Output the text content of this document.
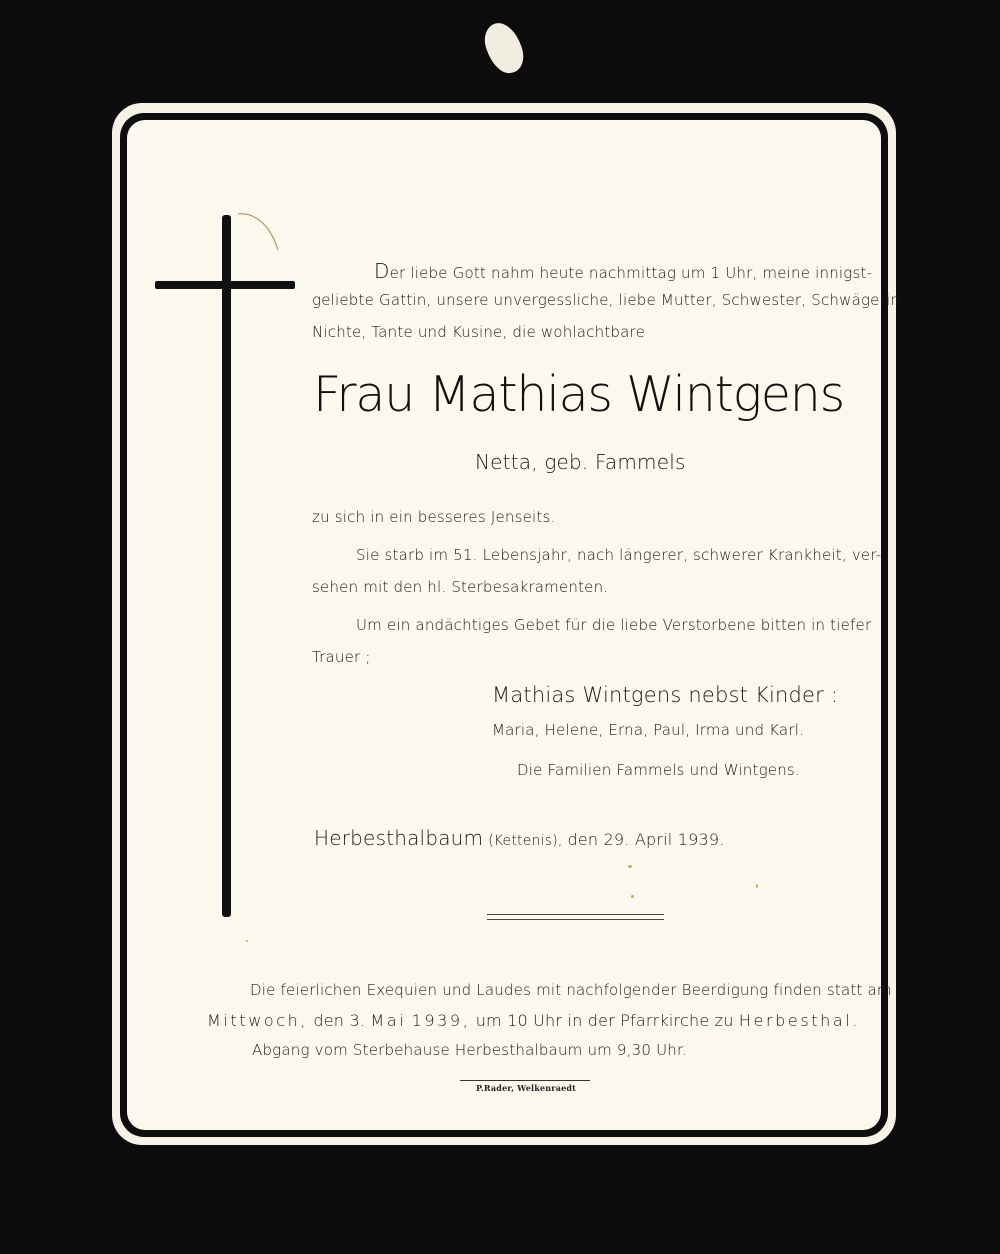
Der liebe Gott nahm heute nachmittag um 1 Uhr, meine innigst-
geliebte Gattin, unsere unvergessliche, liebe Mutter, Schwester, Schwägerin,
Nichte, Tante und Kusine, die wohlachtbare
Frau Mathias Wintgens
Netta, geb. Fammels
zu sich in ein besseres Jenseits.
Sie starb im 51. Lebensjahr, nach längerer, schwerer Krankheit, ver-
sehen mit den hl. Sterbesakramenten.
Um ein andächtiges Gebet für die liebe Verstorbene bitten in tiefer
Trauer ;
Mathias Wintgens nebst Kinder :
Maria, Helene, Erna, Paul, Irma und Karl.
Die Familien Fammels und Wintgens.
Herbesthalbaum (Kettenis), den 29. April 1939.
Die feierlichen Exequien und Laudes mit nachfolgender Beerdigung finden statt am
Mittwoch, den 3. Mai 1939, um 10 Uhr in der Pfarrkirche zu Herbesthal.
Abgang vom Sterbehause Herbesthalbaum um 9,30 Uhr.
P.Rader, Welkenraedt
